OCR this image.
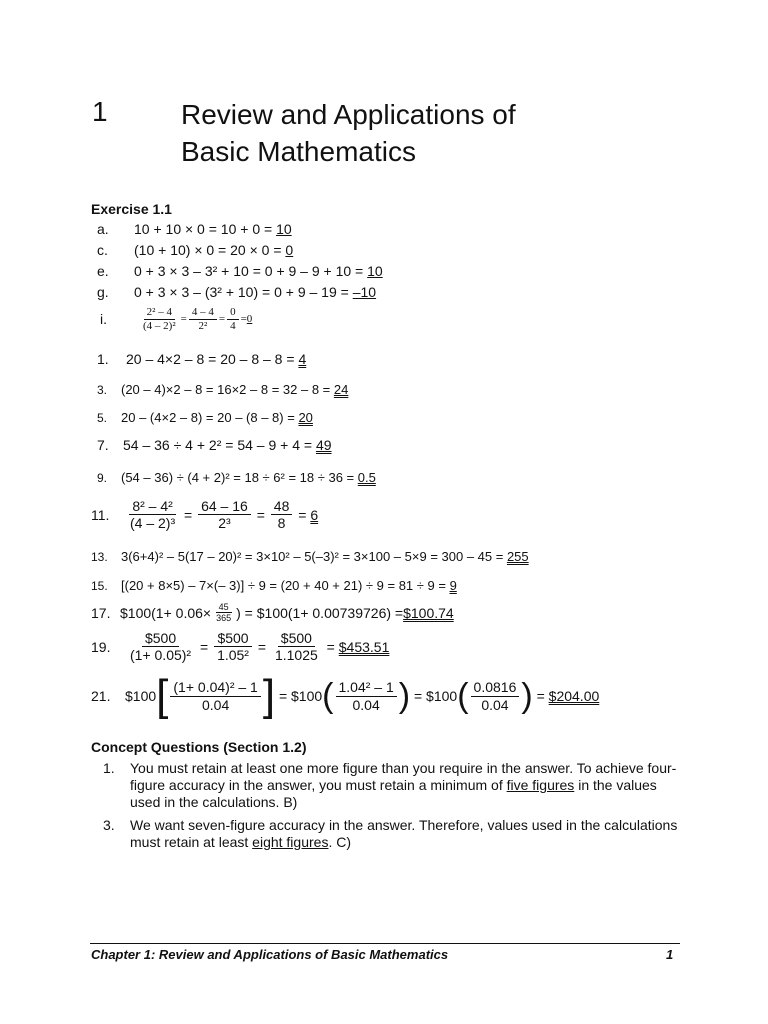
1	Review and Applications of
Basic Mathematics
Exercise 1.1
a. 10 + 10 × 0 = 10 + 0 = 10
c. (10 + 10) × 0 = 20 × 0 = 0
e. 0 + 3 × 3 – 3² + 10 = 0 + 9 – 9 + 10 = 10
g. 0 + 3 × 3 – (3² + 10) = 0 + 9 – 19 = –10
i.	$\frac{\text{2² – 4}}{\text{(4 – 2)²}} = \frac{4 - 4}{\text{2²}} = \frac{0}{4} = 0$
1. 20 – 4×2 – 8 = 20 – 8 – 8 = 4
3. (20 – 4)×2 – 8 = 16×2 – 8 = 32 – 8 = 24
5. 20 – (4×2 – 8) = 20 – (8 – 8) = 20
7. 54 – 36 ÷ 4 + 2² = 54 – 9 + 4 = 49
9. (54 – 36) ÷ (4 + 2)² = 18 ÷ 6² = 18 ÷ 36 = 0.5
11.	$\frac{\text{8² – 4²}}{\text{(4 – 2)³}} = \frac{64 - 16}{\text{2³}} = \frac{48}{8} = 6$
13. 3(6+4)² – 5(17 – 20)² = 3×10² – 5(–3)² = 3×100 – 5×9 = 300 – 45 = 255
15. [(20 + 8×5) – 7×(– 3)] ÷ 9 = (20 + 40 + 21) ÷ 9 = 81 ÷ 9 = 9
17. $100(1+ $0.06\times \frac{45}{365}$ ) = $100(1+ 0.00739726) = $100.74
19.	$\frac{\$500}{\text{(1+ 0.05)²}} = \frac{\$500}{\text{1.05²}} = \frac{\$500}{1.1025}$ = $453.51
21.	$100 [ $\frac{\text{(1+ 0.04)² – 1}}{0.04}$ ] = $100 ( $\frac{\text{1.04² – 1}}{0.04}$ ) = $100 ( $\frac{0.0816}{0.04}$ ) = $204.00
Concept Questions (Section 1.2)
1. You must retain at least one more figure than you require in the answer. To achieve four-figure accuracy in the answer, you must retain a minimum of five figures in the values used in the calculations. B)
3. We want seven-figure accuracy in the answer. Therefore, values used in the calculations must retain at least eight figures. C)
Chapter 1: Review and Applications of Basic Mathematics	1
